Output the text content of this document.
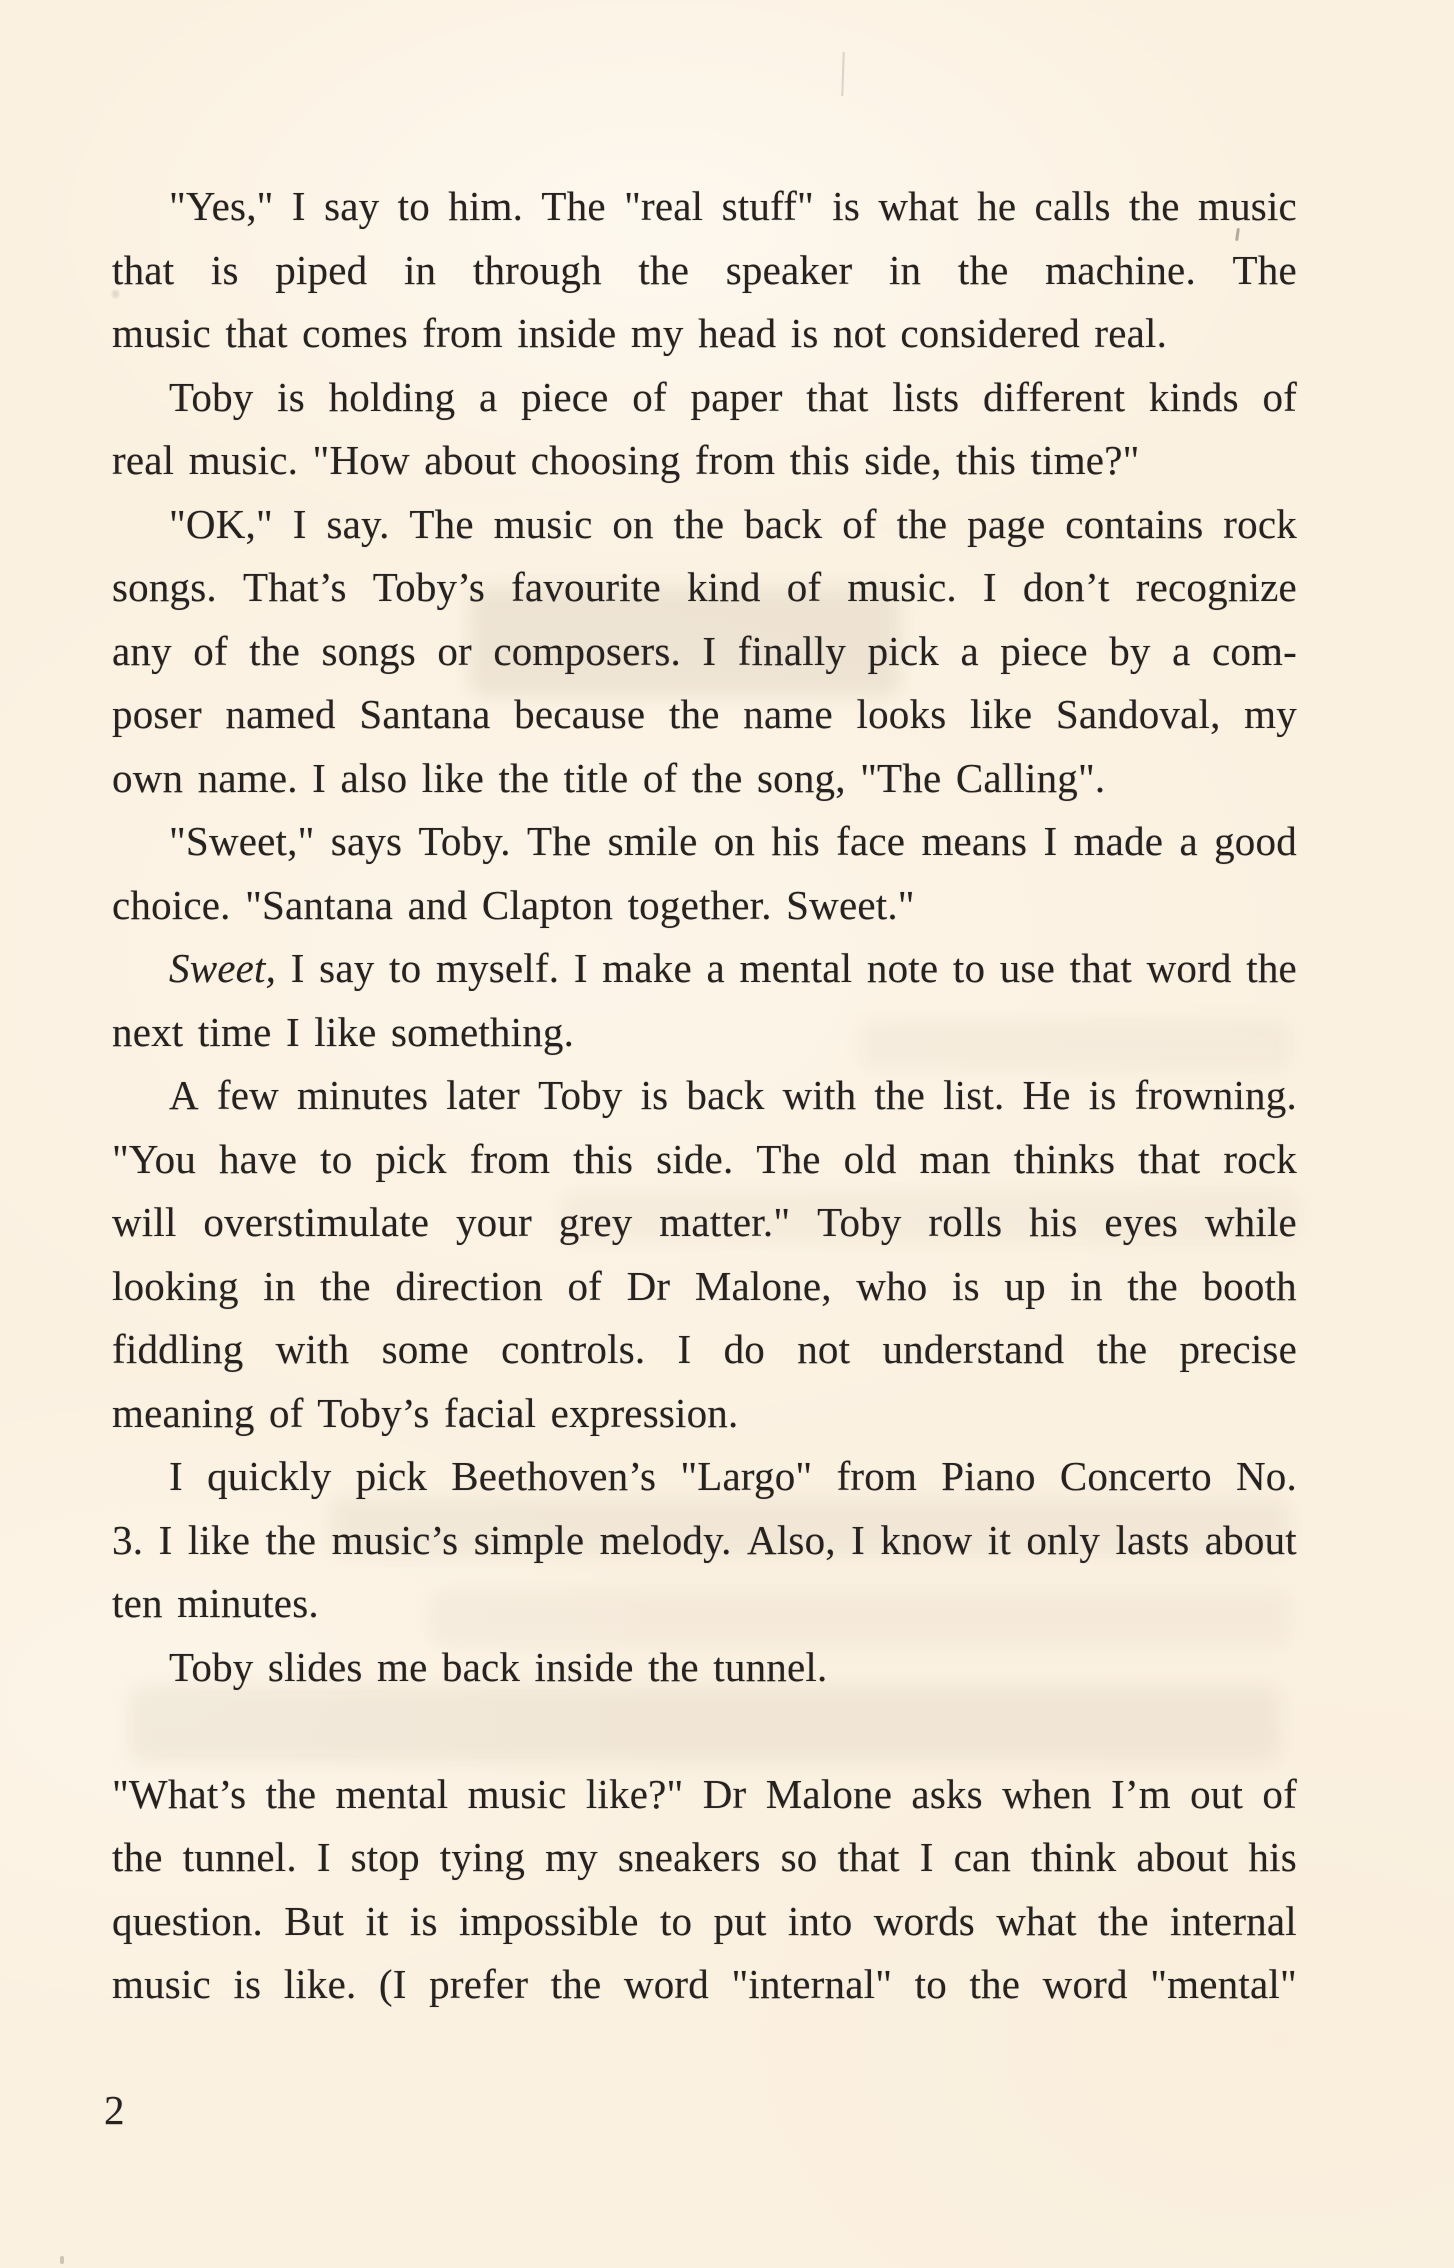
"Yes," I say to him. The "real stuff" is what he calls the music
that is piped in through the speaker in the machine. The
music that comes from inside my head is not considered real.
Toby is holding a piece of paper that lists different kinds of
real music. "How about choosing from this side, this time?"
"OK," I say. The music on the back of the page contains rock
songs. That’s Toby’s favourite kind of music. I don’t recognize
any of the songs or composers. I finally pick a piece by a com-
poser named Santana because the name looks like Sandoval, my
own name. I also like the title of the song, "The Calling".
"Sweet," says Toby. The smile on his face means I made a good
choice. "Santana and Clapton together. Sweet."
Sweet, I say to myself. I make a mental note to use that word the
next time I like something.
A few minutes later Toby is back with the list. He is frowning.
"You have to pick from this side. The old man thinks that rock
will overstimulate your grey matter." Toby rolls his eyes while
looking in the direction of Dr Malone, who is up in the booth
fiddling with some controls. I do not understand the precise
meaning of Toby’s facial expression.
I quickly pick Beethoven’s "Largo" from Piano Concerto No.
3. I like the music’s simple melody. Also, I know it only lasts about
ten minutes.
Toby slides me back inside the tunnel.
"What’s the mental music like?" Dr Malone asks when I’m out of
the tunnel. I stop tying my sneakers so that I can think about his
question. But it is impossible to put into words what the internal
music is like. (I prefer the word "internal" to the word "mental"
2
